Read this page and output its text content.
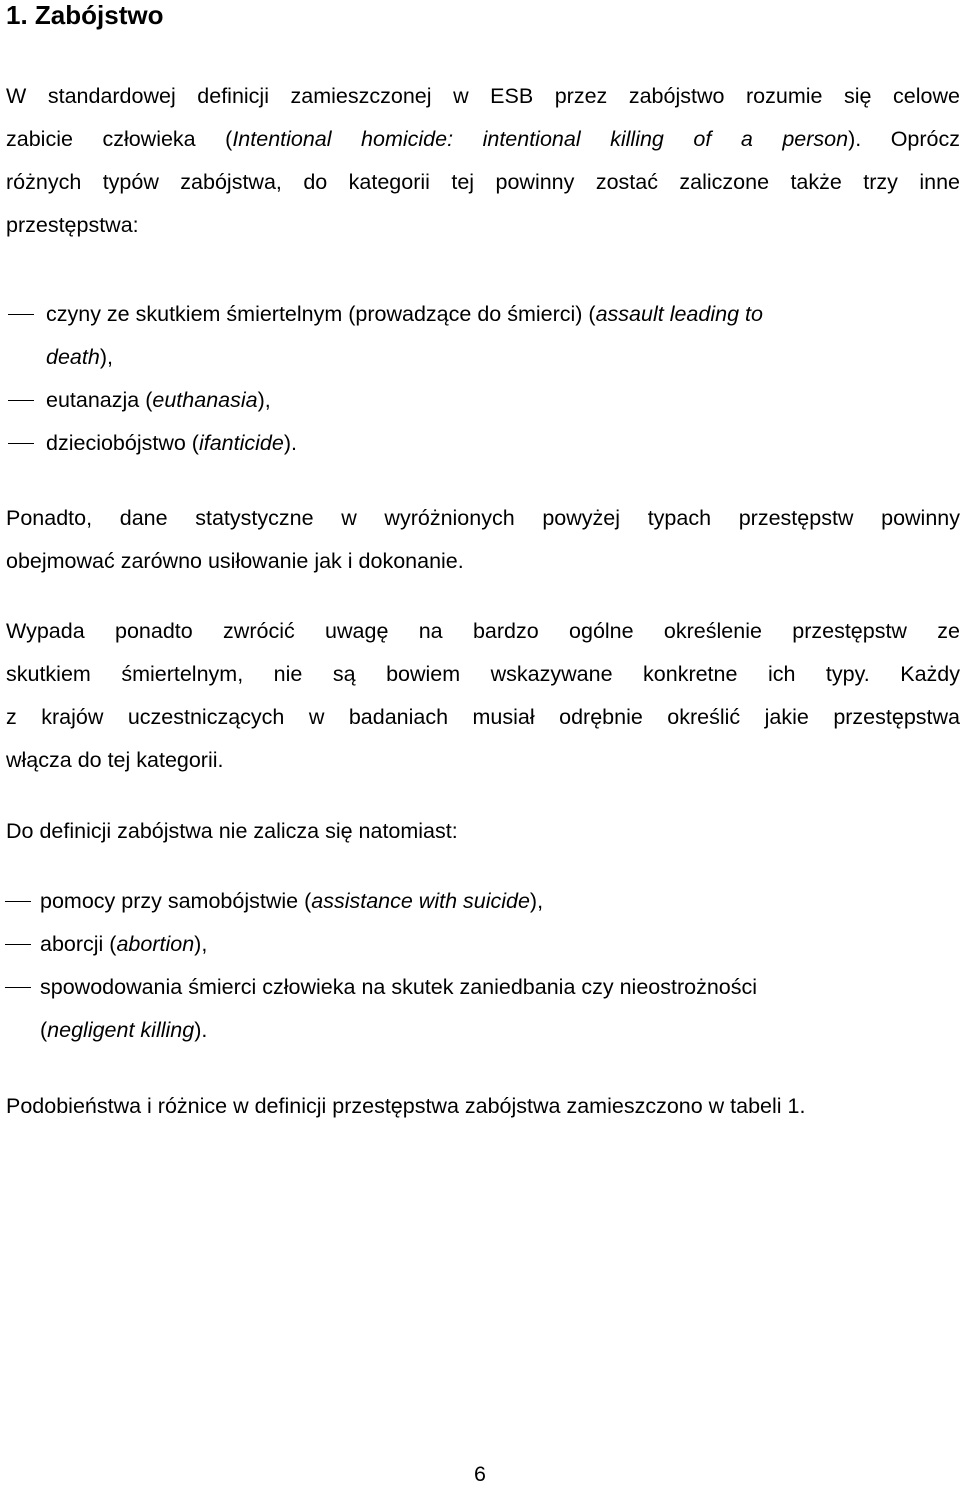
1. Zabójstwo

W standardowej definicji zamieszczonej w ESB przez zabójstwo rozumie się celowe
zabicie człowieka (Intentional homicide: intentional killing of a person). Oprócz
różnych typów zabójstwa, do kategorii tej powinny zostać zaliczone także trzy inne
przestępstwa:

czyny ze skutkiem śmiertelnym (prowadzące do śmierci) (assault leading to
death),
eutanazja (euthanasia),
dzieciobójstwo (ifanticide).

Ponadto, dane statystyczne w wyróżnionych powyżej typach przestępstw powinny
obejmować zarówno usiłowanie jak i dokonanie.

Wypada ponadto zwrócić uwagę na bardzo ogólne określenie przestępstw ze
skutkiem śmiertelnym, nie są bowiem wskazywane konkretne ich typy. Każdy
z krajów uczestniczących w badaniach musiał odrębnie określić jakie przestępstwa
włącza do tej kategorii.

Do definicji zabójstwa nie zalicza się natomiast:

pomocy przy samobójstwie (assistance with suicide),
aborcji (abortion),
spowodowania śmierci człowieka na skutek zaniedbania czy nieostrożności
(negligent killing).

Podobieństwa i różnice w definicji przestępstwa zabójstwa zamieszczono w tabeli 1.

6
